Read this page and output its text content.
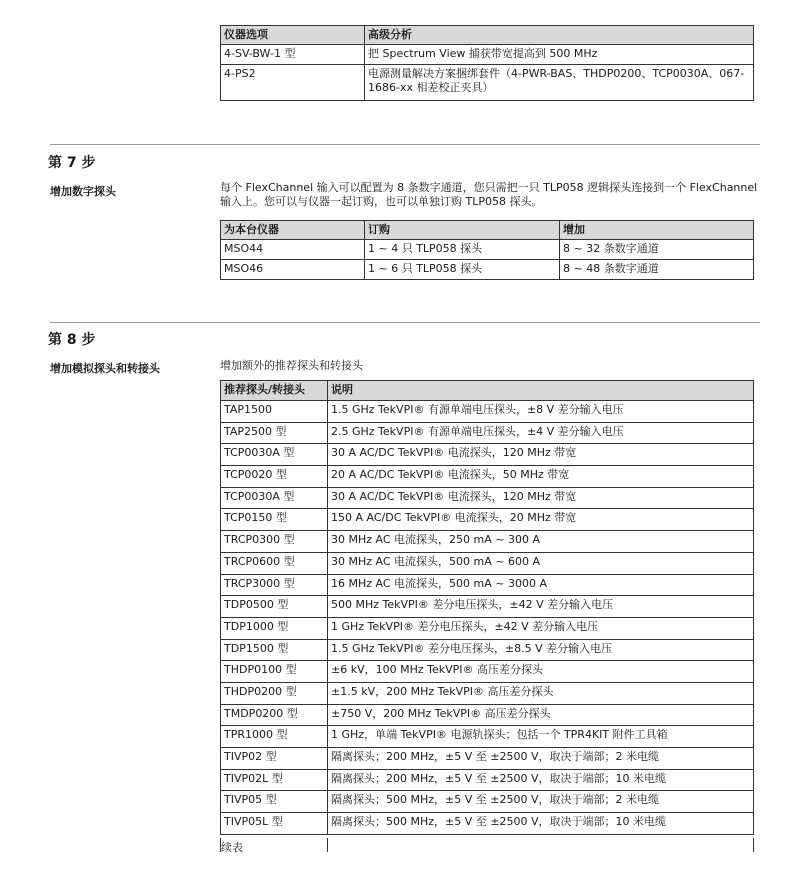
仪器选项	高级分析
4-SV-BW-1 型	把 Spectrum View 捕获带宽提高到 500 MHz
4-PS2	电源测量解决方案捆绑套件（4-PWR-BAS、THDP0200、TCP0030A、067-1686-xx 相差校正夹具）
第 7 步
增加数字探头	每个 FlexChannel 输入可以配置为 8 条数字通道，您只需把一只 TLP058 逻辑探头连接到一个 FlexChannel 输入上。您可以与仪器一起订购，也可以单独订购 TLP058 探头。
为本台仪器	订购	增加
MSO44	1 ~ 4 只 TLP058 探头	8 ~ 32 条数字通道
MSO46	1 ~ 6 只 TLP058 探头	8 ~ 48 条数字通道
第 8 步
增加模拟探头和转接头	增加额外的推荐探头和转接头
推荐探头/转接头	说明
TAP1500	1.5 GHz TekVPI® 有源单端电压探头，±8 V 差分输入电压
TAP2500 型	2.5 GHz TekVPI® 有源单端电压探头，±4 V 差分输入电压
TCP0030A 型	30 A AC/DC TekVPI® 电流探头，120 MHz 带宽
TCP0020 型	20 A AC/DC TekVPI® 电流探头，50 MHz 带宽
TCP0030A 型	30 A AC/DC TekVPI® 电流探头，120 MHz 带宽
TCP0150 型	150 A AC/DC TekVPI® 电流探头，20 MHz 带宽
TRCP0300 型	30 MHz AC 电流探头，250 mA ~ 300 A
TRCP0600 型	30 MHz AC 电流探头，500 mA ~ 600 A
TRCP3000 型	16 MHz AC 电流探头，500 mA ~ 3000 A
TDP0500 型	500 MHz TekVPI® 差分电压探头，±42 V 差分输入电压
TDP1000 型	1 GHz TekVPI® 差分电压探头，±42 V 差分输入电压
TDP1500 型	1.5 GHz TekVPI® 差分电压探头，±8.5 V 差分输入电压
THDP0100 型	±6 kV，100 MHz TekVPI® 高压差分探头
THDP0200 型	±1.5 kV，200 MHz TekVPI® 高压差分探头
TMDP0200 型	±750 V，200 MHz TekVPI® 高压差分探头
TPR1000 型	1 GHz，单端 TekVPI® 电源轨探头；包括一个 TPR4KIT 附件工具箱
TIVP02 型	隔离探头；200 MHz，±5 V 至 ±2500 V，取决于端部；2 米电缆
TIVP02L 型	隔离探头；200 MHz，±5 V 至 ±2500 V，取决于端部；10 米电缆
TIVP05 型	隔离探头；500 MHz，±5 V 至 ±2500 V，取决于端部；2 米电缆
TIVP05L 型	隔离探头；500 MHz，±5 V 至 ±2500 V，取决于端部；10 米电缆
续表
